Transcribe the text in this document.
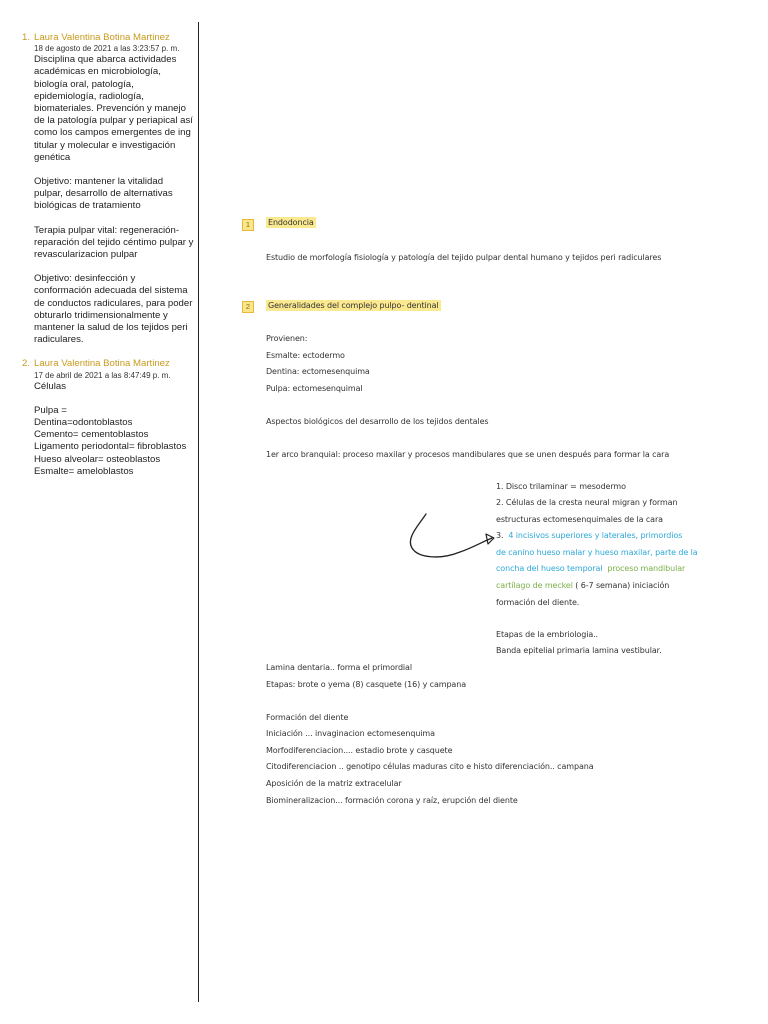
1. Laura Valentina Botina Martinez
18 de agosto de 2021 a las 3:23:57 p. m.

Disciplina que abarca actividades académicas en microbiología, biología oral, patología, epidemiología, radiología, biomateriales. Prevención y manejo de la patología pulpar y periapical así como los campos emergentes de ing titular y molecular e investigación genética

Objetivo: mantener la vitalidad pulpar, desarrollo de alternativas biológicas de tratamiento

Terapia pulpar vital: regeneración- reparación del tejido céntimo pulpar y revascularizacion pulpar

Objetivo: desinfección y conformación adecuada del sistema de conductos radiculares, para poder obturarlo tridimensionalmente y mantener la salud de los tejidos peri radiculares.

2. Laura Valentina Botina Martinez
17 de abril de 2021 a las 8:47:49 p. m.

Células

Pulpa =
Dentina=odontoblastos
Cemento= cementoblastos
Ligamento periodontal= fibroblastos
Hueso alveolar= osteoblastos
Esmalte= ameloblastos

1	Endodoncia
Estudio de morfología fisiología y patología del tejido pulpar dental humano y tejidos peri radiculares
2	Generalidades del complejo pulpo- dentinal
Provienen:
Esmalte: ectodermo
Dentina: ectomesenquima
Pulpa: ectomesenquimal
Aspectos biológicos del desarrollo de los tejidos dentales
1er arco branquial: proceso maxilar y procesos mandibulares que se unen después para formar la cara
1. Disco trilaminar = mesodermo
2. Células de la cresta neural migran y forman
estructuras ectomesenquimales de la cara
3. 4 incisivos superiores y laterales, primordios
de canino hueso malar y hueso maxilar, parte de la
concha del hueso temporal proceso mandibular
cartílago de meckel ( 6-7 semana) iniciación
formación del diente.
Etapas de la embriologia..
Banda epitelial primaria lamina vestibular.
Lamina dentaria.. forma el primordial
Etapas: brote o yema (8) casquete (16) y campana
Formación del diente
Iniciación ... invaginacion ectomesenquima
Morfodiferenciacion.... estadio brote y casquete
Citodiferenciacion .. genotipo células maduras cito e histo diferenciación.. campana
Aposición de la matriz extracelular
Biomineralizacion... formación corona y raíz, erupción del diente
